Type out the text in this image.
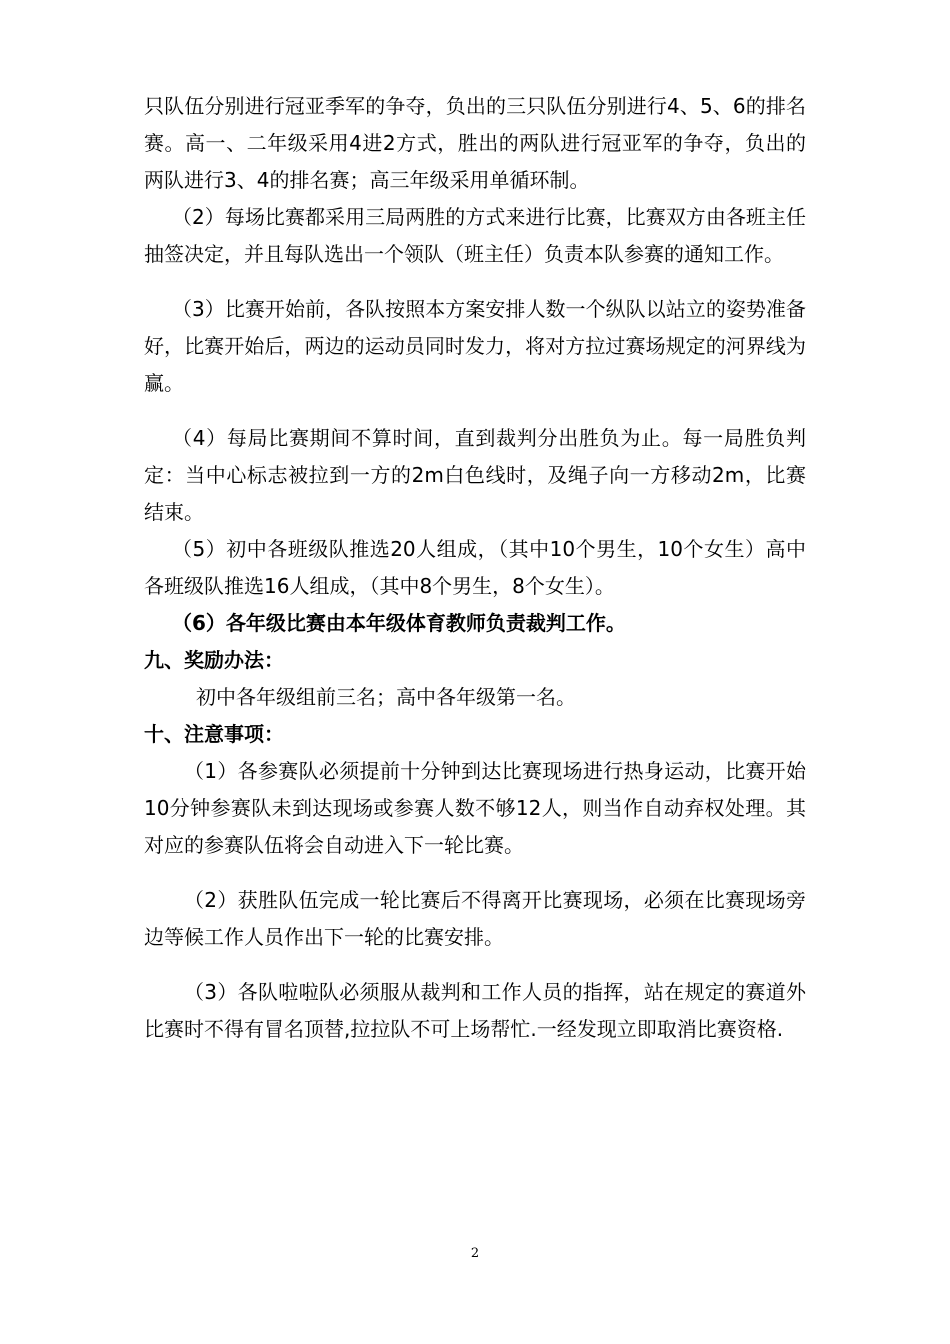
只队伍分别进行冠亚季军的争夺，负出的三只队伍分别进行4、5、6的排名赛。高一、二年级采用4进2方式，胜出的两队进行冠亚军的争夺，负出的两队进行3、4的排名赛；高三年级采用单循环制。

（2）每场比赛都采用三局两胜的方式来进行比赛，比赛双方由各班主任抽签决定，并且每队选出一个领队（班主任）负责本队参赛的通知工作。

（3）比赛开始前，各队按照本方案安排人数一个纵队以站立的姿势准备好，比赛开始后，两边的运动员同时发力，将对方拉过赛场规定的河界线为赢。

（4）每局比赛期间不算时间，直到裁判分出胜负为止。每一局胜负判定：当中心标志被拉到一方的2m白色线时，及绳子向一方移动2m，比赛结束。

（5）初中各班级队推选20人组成，（其中10个男生，10个女生）高中各班级队推选16人组成，（其中8个男生，8个女生）。

（6）各年级比赛由本年级体育教师负责裁判工作。

九、奖励办法：

初中各年级组前三名；高中各年级第一名。

十、注意事项：

（1）各参赛队必须提前十分钟到达比赛现场进行热身运动，比赛开始10分钟参赛队未到达现场或参赛人数不够12人，则当作自动弃权处理。其对应的参赛队伍将会自动进入下一轮比赛。

（2）获胜队伍完成一轮比赛后不得离开比赛现场，必须在比赛现场旁边等候工作人员作出下一轮的比赛安排。

（3）各队啦啦队必须服从裁判和工作人员的指挥，站在规定的赛道外比赛时不得有冒名顶替,拉拉队不可上场帮忙.一经发现立即取消比赛资格.

2
